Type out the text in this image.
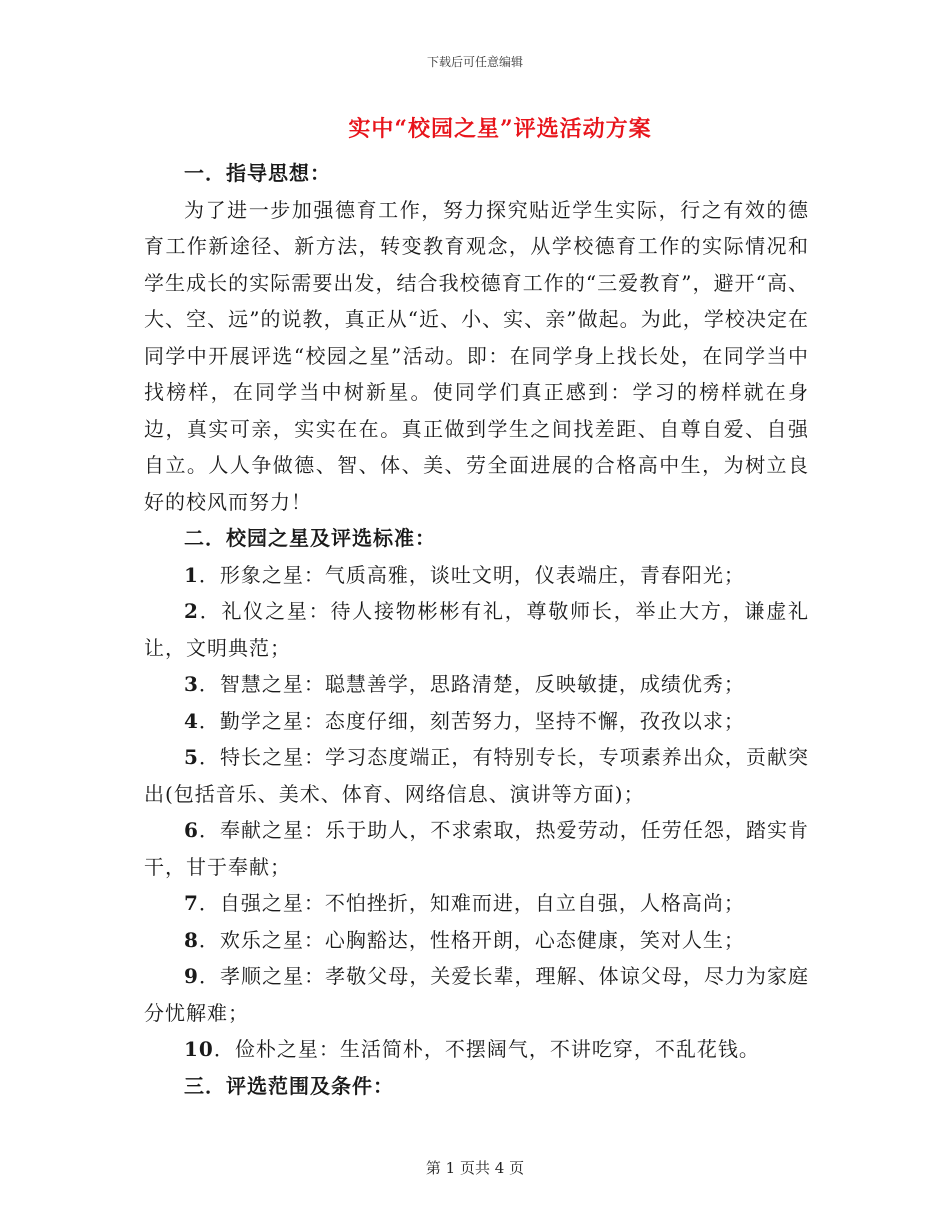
下载后可任意编辑
实中“校园之星”评选活动方案

一．指导思想：

为了进一步加强德育工作，努力探究贴近学生实际，行之有效的德育工作新途径、新方法，转变教育观念，从学校德育工作的实际情况和学生成长的实际需要出发，结合我校德育工作的“三爱教育”，避开“高、大、空、远”的说教，真正从“近、小、实、亲”做起。为此，学校决定在同学中开展评选“校园之星”活动。即：在同学身上找长处，在同学当中找榜样，在同学当中树新星。使同学们真正感到：学习的榜样就在身边，真实可亲，实实在在。真正做到学生之间找差距、自尊自爱、自强自立。人人争做德、智、体、美、劳全面进展的合格高中生，为树立良好的校风而努力！

二．校园之星及评选标准：

1．形象之星：气质高雅，谈吐文明，仪表端庄，青春阳光；

2．礼仪之星：待人接物彬彬有礼，尊敬师长，举止大方，谦虚礼让，文明典范；

3．智慧之星：聪慧善学，思路清楚，反映敏捷，成绩优秀；

4．勤学之星：态度仔细，刻苦努力，坚持不懈，孜孜以求；

5．特长之星：学习态度端正，有特别专长，专项素养出众，贡献突出(包括音乐、美术、体育、网络信息、演讲等方面)；

6．奉献之星：乐于助人，不求索取，热爱劳动，任劳任怨，踏实肯干，甘于奉献；

7．自强之星：不怕挫折，知难而进，自立自强，人格高尚；

8．欢乐之星：心胸豁达，性格开朗，心态健康，笑对人生；

9．孝顺之星：孝敬父母，关爱长辈，理解、体谅父母，尽力为家庭分忧解难；

10．俭朴之星：生活简朴，不摆阔气，不讲吃穿，不乱花钱。

三．评选范围及条件：

第 1 页共 4 页
